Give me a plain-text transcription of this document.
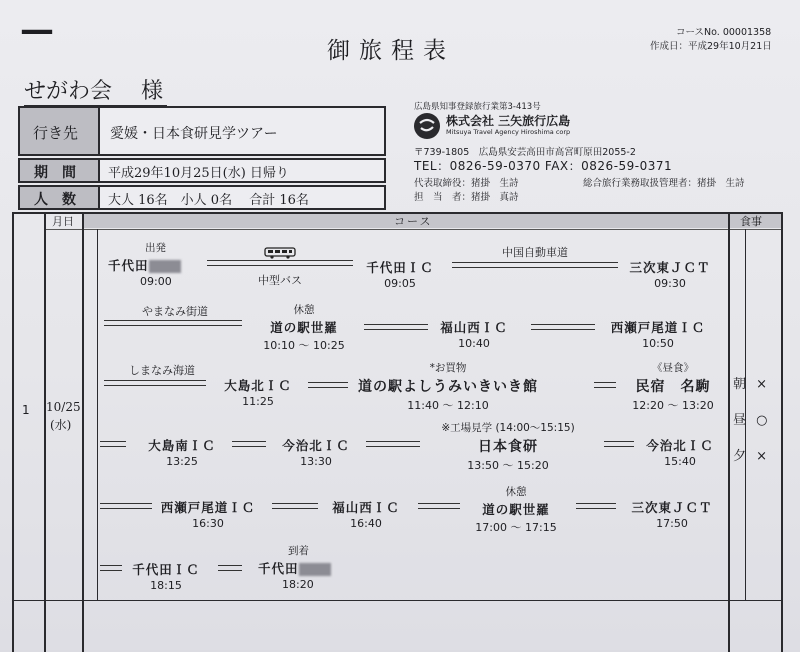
—
御旅程表
コースNo. 00001358
作成日：平成29年10月21日
せがわ会 様
行き先 愛媛・日本食研見学ツアー
期　間 平成29年10月25日(水) 日帰り
人　数 大人 16名　小人 0名　 合計 16名
広島県知事登録旅行業第3-413号
株式会社 三矢旅行広島
Mitsuya Travel Agency Hiroshima corp
〒739-1805　広島県安芸高田市高宮町原田2055-2
TEL：0826-59-0370 FAX：0826-59-0371
代表取締役：猪掛　生詩	総合旅行業務取扱管理者：猪掛　生詩
担　当　者：猪掛　真詩
月日	コース	食事
1 10/25
(水)
朝 ×
昼 ○
夕 ×
出発
千代田
09:00	中型バス
千代田ＩＣ
09:05
中国自動車道
三次東ＪＣＴ
09:30
やまなみ街道	休憩
道の駅世羅
10:10 ～ 10:25
福山西ＩＣ
10:40
西瀬戸尾道ＩＣ
10:50
しまなみ海道
大島北ＩＣ
11:25
*お買物
道の駅よしうみいきいき館
11:40 ～ 12:10
《昼食》
民宿　名駒
12:20 ～ 13:20
大島南ＩＣ
13:25
今治北ＩＣ
13:30
※工場見学 (14:00～15:15)
日本食研
13:50 ～ 15:20
今治北ＩＣ
15:40
西瀬戸尾道ＩＣ
16:30
福山西ＩＣ
16:40
休憩
道の駅世羅
17:00 ～ 17:15
三次東ＪＣＴ
17:50
千代田ＩＣ
18:15
到着
千代田
18:20
